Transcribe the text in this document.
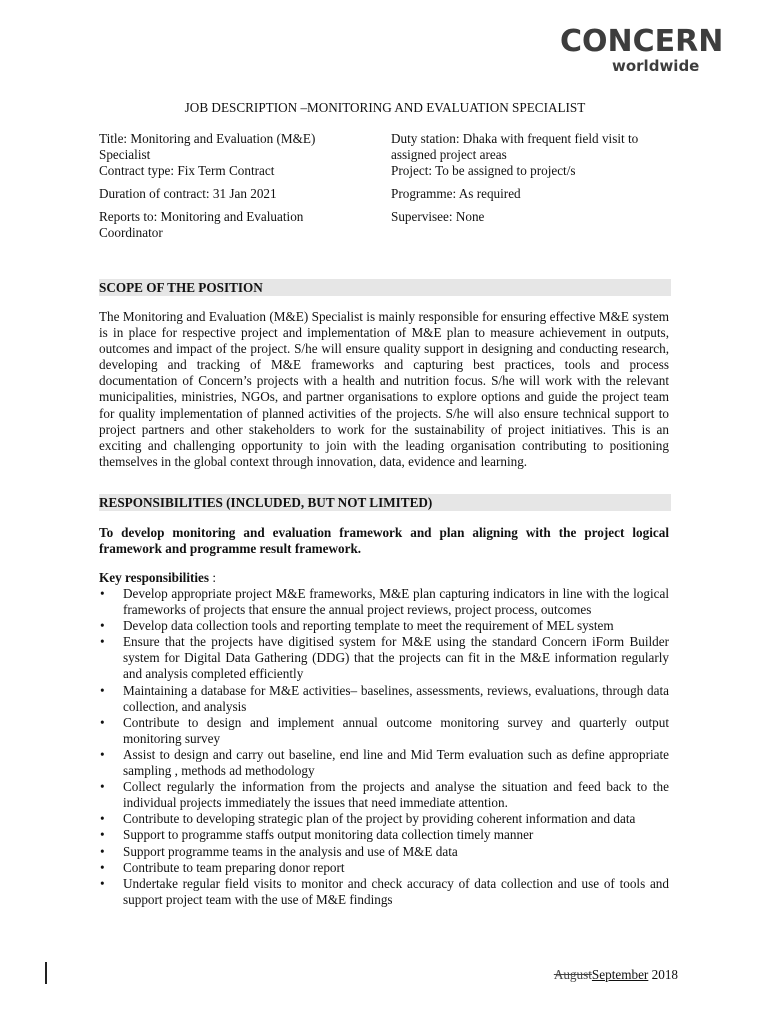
CONCERN
worldwide
JOB DESCRIPTION –MONITORING AND EVALUATION SPECIALIST
Title: Monitoring and Evaluation (M&E)
Specialist
Contract type: Fix Term Contract
Duty station: Dhaka with frequent field visit to
assigned project areas
Project: To be assigned to project/s
Duration of contract: 31 Jan 2021	Programme: As required
Reports to: Monitoring and Evaluation
Coordinator
Supervisee: None
SCOPE OF THE POSITION
The Monitoring and Evaluation (M&E) Specialist is mainly responsible for ensuring effective M&E system is in place for respective project and implementation of M&E plan to measure achievement in outputs, outcomes and impact of the project. S/he will ensure quality support in designing and conducting research, developing and tracking of M&E frameworks and capturing best practices, tools and process documentation of Concern’s projects with a health and nutrition focus. S/he will work with the relevant municipalities, ministries, NGOs, and partner organisations to explore options and guide the project team for quality implementation of planned activities of the projects. S/he will also ensure technical support to project partners and other stakeholders to work for the sustainability of project initiatives. This is an exciting and challenging opportunity to join with the leading organisation contributing to positioning themselves in the global context through innovation, data, evidence and learning.
RESPONSIBILITIES (INCLUDED, BUT NOT LIMITED)
To develop monitoring and evaluation framework and plan aligning with the project logical framework and programme result framework.
Key responsibilities :
• Develop appropriate project M&E frameworks, M&E plan capturing indicators in line with the logical frameworks of projects that ensure the annual project reviews, project process, outcomes
• Develop data collection tools and reporting template to meet the requirement of MEL system
• Ensure that the projects have digitised system for M&E using the standard Concern iForm Builder system for Digital Data Gathering (DDG) that the projects can fit in the M&E information regularly and analysis completed efficiently
• Maintaining a database for M&E activities– baselines, assessments, reviews, evaluations, through data collection, and analysis
• Contribute to design and implement annual outcome monitoring survey and quarterly output monitoring survey
• Assist to design and carry out baseline, end line and Mid Term evaluation such as define appropriate sampling , methods ad methodology
• Collect regularly the information from the projects and analyse the situation and feed back to the individual projects immediately the issues that need immediate attention.
• Contribute to developing strategic plan of the project by providing coherent information and data
• Support to programme staffs output monitoring data collection timely manner
• Support programme teams in the analysis and use of M&E data
• Contribute to team preparing donor report
• Undertake regular field visits to monitor and check accuracy of data collection and use of tools and support project team with the use of M&E findings
AugustSeptember 2018
